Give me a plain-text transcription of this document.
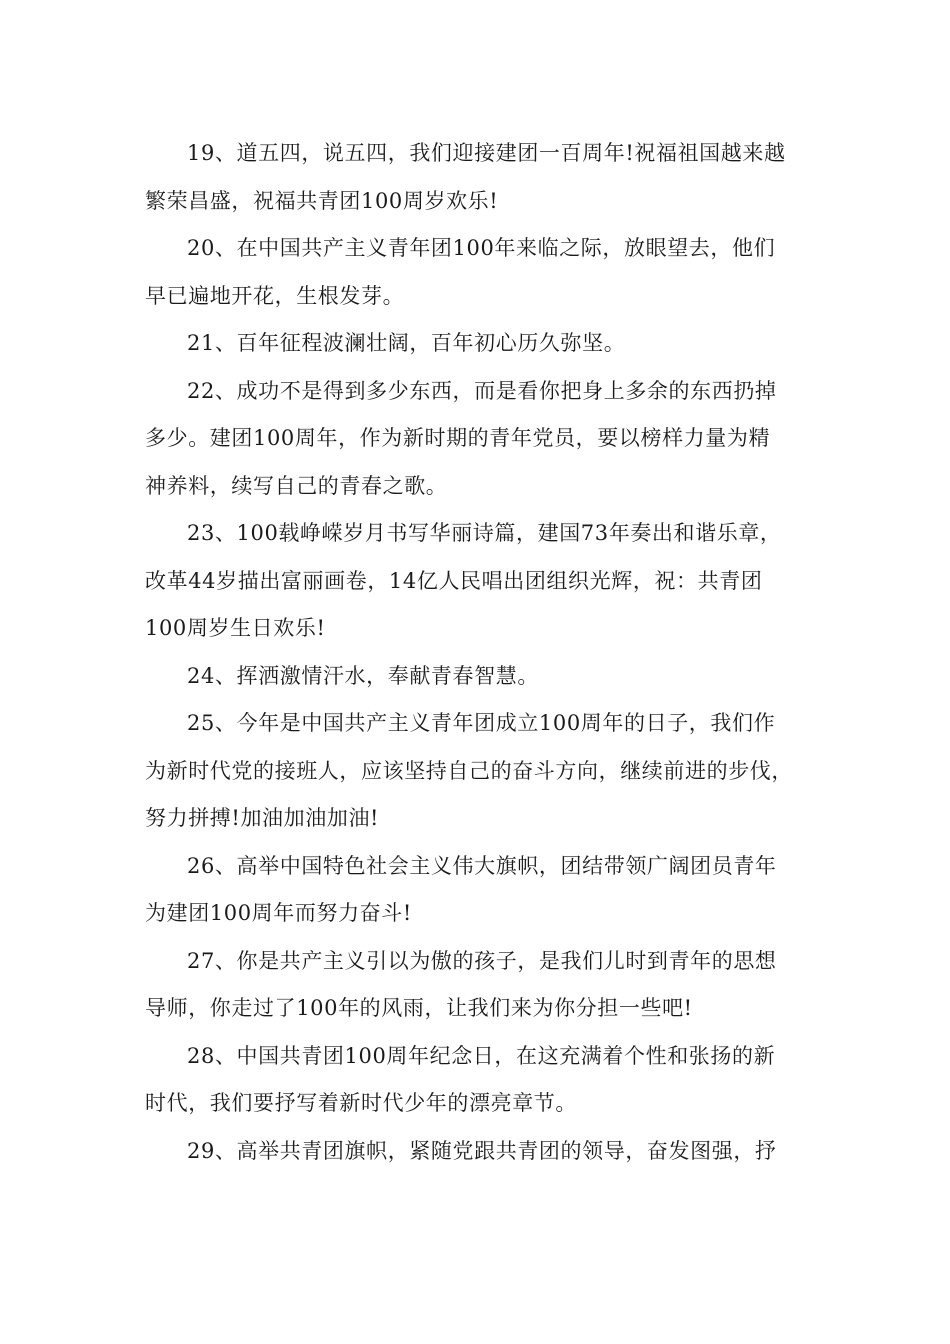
19、道五四，说五四，我们迎接建团一百周年!祝福祖国越来越
繁荣昌盛，祝福共青团100周岁欢乐!
20、在中国共产主义青年团100年来临之际，放眼望去，他们
早已遍地开花，生根发芽。
21、百年征程波澜壮阔，百年初心历久弥坚。
22、成功不是得到多少东西，而是看你把身上多余的东西扔掉
多少。建团100周年，作为新时期的青年党员，要以榜样力量为精
神养料，续写自己的青春之歌。
23、100载峥嵘岁月书写华丽诗篇，建国73年奏出和谐乐章，
改革44岁描出富丽画卷，14亿人民唱出团组织光辉，祝：共青团
100周岁生日欢乐!
24、挥洒激情汗水，奉献青春智慧。
25、今年是中国共产主义青年团成立100周年的日子，我们作
为新时代党的接班人，应该坚持自己的奋斗方向，继续前进的步伐，
努力拼搏!加油加油加油!
26、高举中国特色社会主义伟大旗帜，团结带领广阔团员青年
为建团100周年而努力奋斗!
27、你是共产主义引以为傲的孩子，是我们儿时到青年的思想
导师，你走过了100年的风雨，让我们来为你分担一些吧!
28、中国共青团100周年纪念日，在这充满着个性和张扬的新
时代，我们要抒写着新时代少年的漂亮章节。
29、高举共青团旗帜，紧随党跟共青团的领导，奋发图强，抒
